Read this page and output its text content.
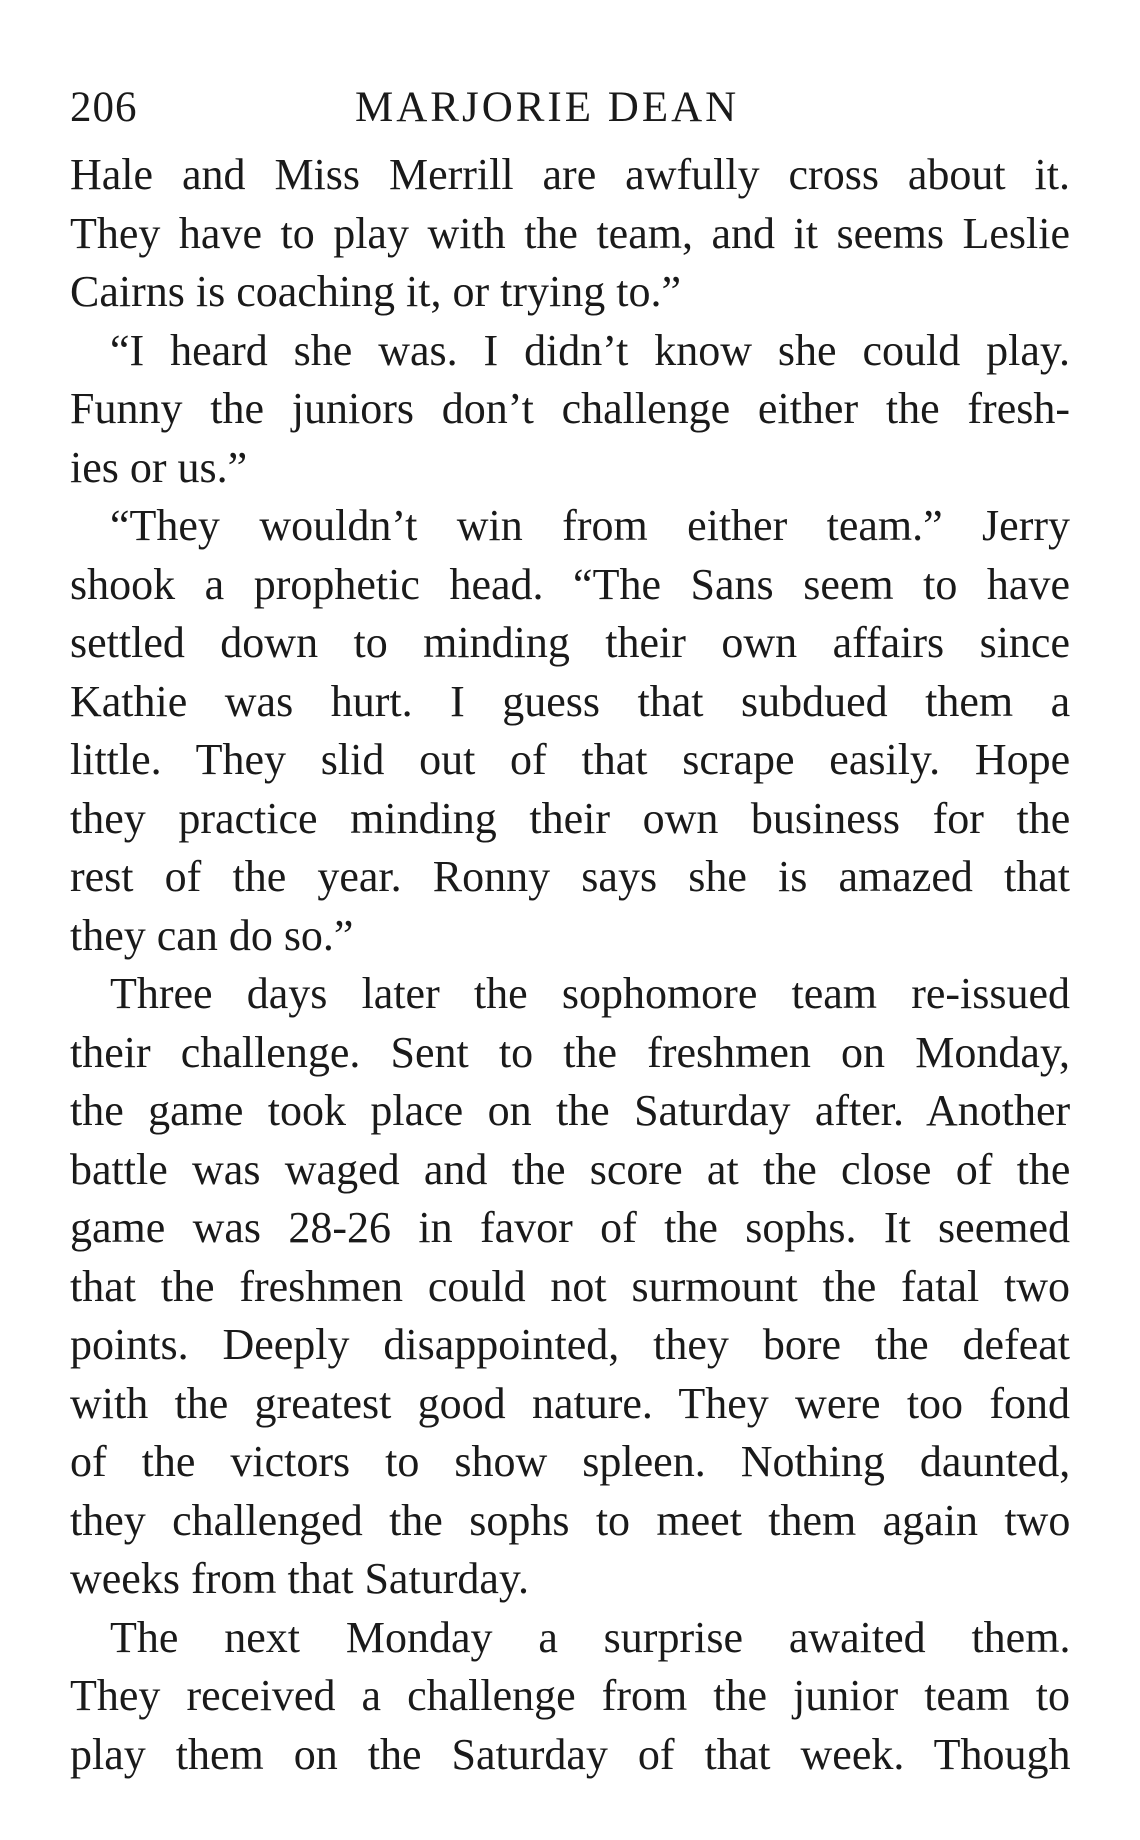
206	MARJORIE DEAN
Hale and Miss Merrill are awfully cross about it.
They have to play with the team, and it seems Leslie
Cairns is coaching it, or trying to.”
“I heard she was. I didn’t know she could play.
Funny the juniors don’t challenge either the fresh-
ies or us.”
“They wouldn’t win from either team.” Jerry
shook a prophetic head. “The Sans seem to have
settled down to minding their own affairs since
Kathie was hurt. I guess that subdued them a
little. They slid out of that scrape easily. Hope
they practice minding their own business for the
rest of the year. Ronny says she is amazed that
they can do so.”
Three days later the sophomore team re-issued
their challenge. Sent to the freshmen on Monday,
the game took place on the Saturday after. Another
battle was waged and the score at the close of the
game was 28-26 in favor of the sophs. It seemed
that the freshmen could not surmount the fatal two
points. Deeply disappointed, they bore the defeat
with the greatest good nature. They were too fond
of the victors to show spleen. Nothing daunted,
they challenged the sophs to meet them again two
weeks from that Saturday.
The next Monday a surprise awaited them.
They received a challenge from the junior team to
play them on the Saturday of that week. Though
